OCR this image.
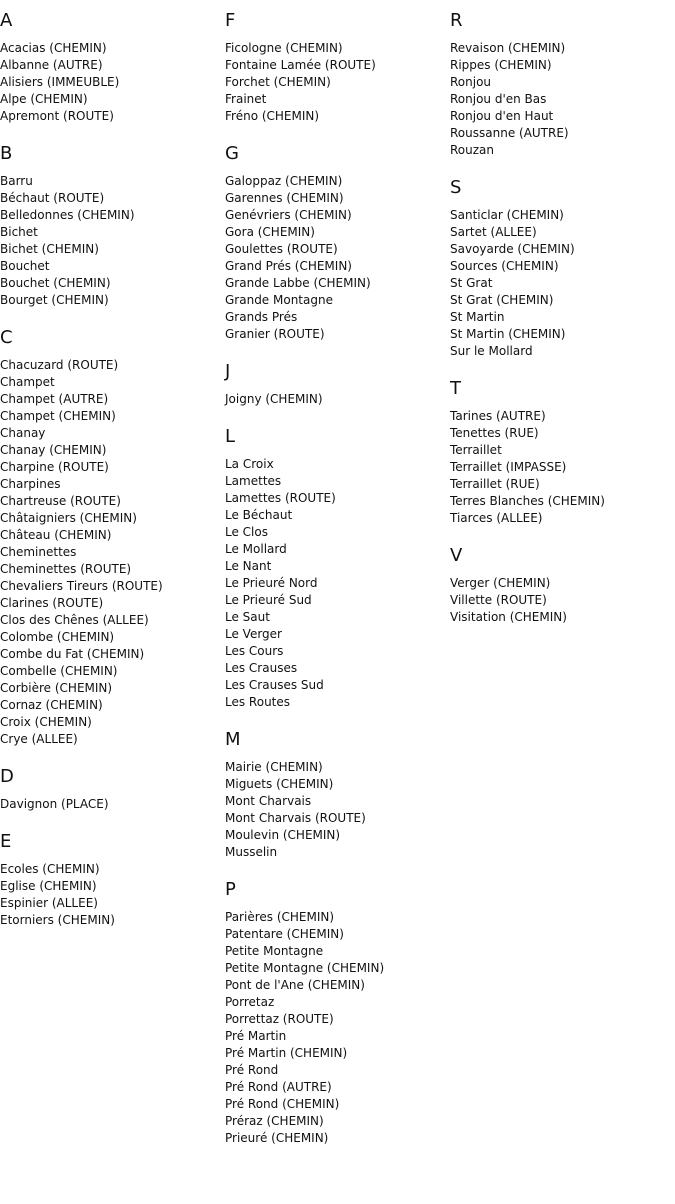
A
Acacias (CHEMIN)
Albanne (AUTRE)
Alisiers (IMMEUBLE)
Alpe (CHEMIN)
Apremont (ROUTE)
B
Barru
Béchaut (ROUTE)
Belledonnes (CHEMIN)
Bichet
Bichet (CHEMIN)
Bouchet
Bouchet (CHEMIN)
Bourget (CHEMIN)
C
Chacuzard (ROUTE)
Champet
Champet (AUTRE)
Champet (CHEMIN)
Chanay
Chanay (CHEMIN)
Charpine (ROUTE)
Charpines
Chartreuse (ROUTE)
Châtaigniers (CHEMIN)
Château (CHEMIN)
Cheminettes
Cheminettes (ROUTE)
Chevaliers Tireurs (ROUTE)
Clarines (ROUTE)
Clos des Chênes (ALLEE)
Colombe (CHEMIN)
Combe du Fat (CHEMIN)
Combelle (CHEMIN)
Corbière (CHEMIN)
Cornaz (CHEMIN)
Croix (CHEMIN)
Crye (ALLEE)
D
Davignon (PLACE)
E
Ecoles (CHEMIN)
Eglise (CHEMIN)
Espinier (ALLEE)
Etorniers (CHEMIN)
F
Ficologne (CHEMIN)
Fontaine Lamée (ROUTE)
Forchet (CHEMIN)
Frainet
Fréno (CHEMIN)
G
Galoppaz (CHEMIN)
Garennes (CHEMIN)
Genévriers (CHEMIN)
Gora (CHEMIN)
Goulettes (ROUTE)
Grand Prés (CHEMIN)
Grande Labbe (CHEMIN)
Grande Montagne
Grands Prés
Granier (ROUTE)
J
Joigny (CHEMIN)
L
La Croix
Lamettes
Lamettes (ROUTE)
Le Béchaut
Le Clos
Le Mollard
Le Nant
Le Prieuré Nord
Le Prieuré Sud
Le Saut
Le Verger
Les Cours
Les Crauses
Les Crauses Sud
Les Routes
M
Mairie (CHEMIN)
Miguets (CHEMIN)
Mont Charvais
Mont Charvais (ROUTE)
Moulevin (CHEMIN)
Musselin
P
Parières (CHEMIN)
Patentare (CHEMIN)
Petite Montagne
Petite Montagne (CHEMIN)
Pont de l'Ane (CHEMIN)
Porretaz
Porrettaz (ROUTE)
Pré Martin
Pré Martin (CHEMIN)
Pré Rond
Pré Rond (AUTRE)
Pré Rond (CHEMIN)
Préraz (CHEMIN)
Prieuré (CHEMIN)
R
Revaison (CHEMIN)
Rippes (CHEMIN)
Ronjou
Ronjou d'en Bas
Ronjou d'en Haut
Roussanne (AUTRE)
Rouzan
S
Santiclar (CHEMIN)
Sartet (ALLEE)
Savoyarde (CHEMIN)
Sources (CHEMIN)
St Grat
St Grat (CHEMIN)
St Martin
St Martin (CHEMIN)
Sur le Mollard
T
Tarines (AUTRE)
Tenettes (RUE)
Terraillet
Terraillet (IMPASSE)
Terraillet (RUE)
Terres Blanches (CHEMIN)
Tiarces (ALLEE)
V
Verger (CHEMIN)
Villette (ROUTE)
Visitation (CHEMIN)
